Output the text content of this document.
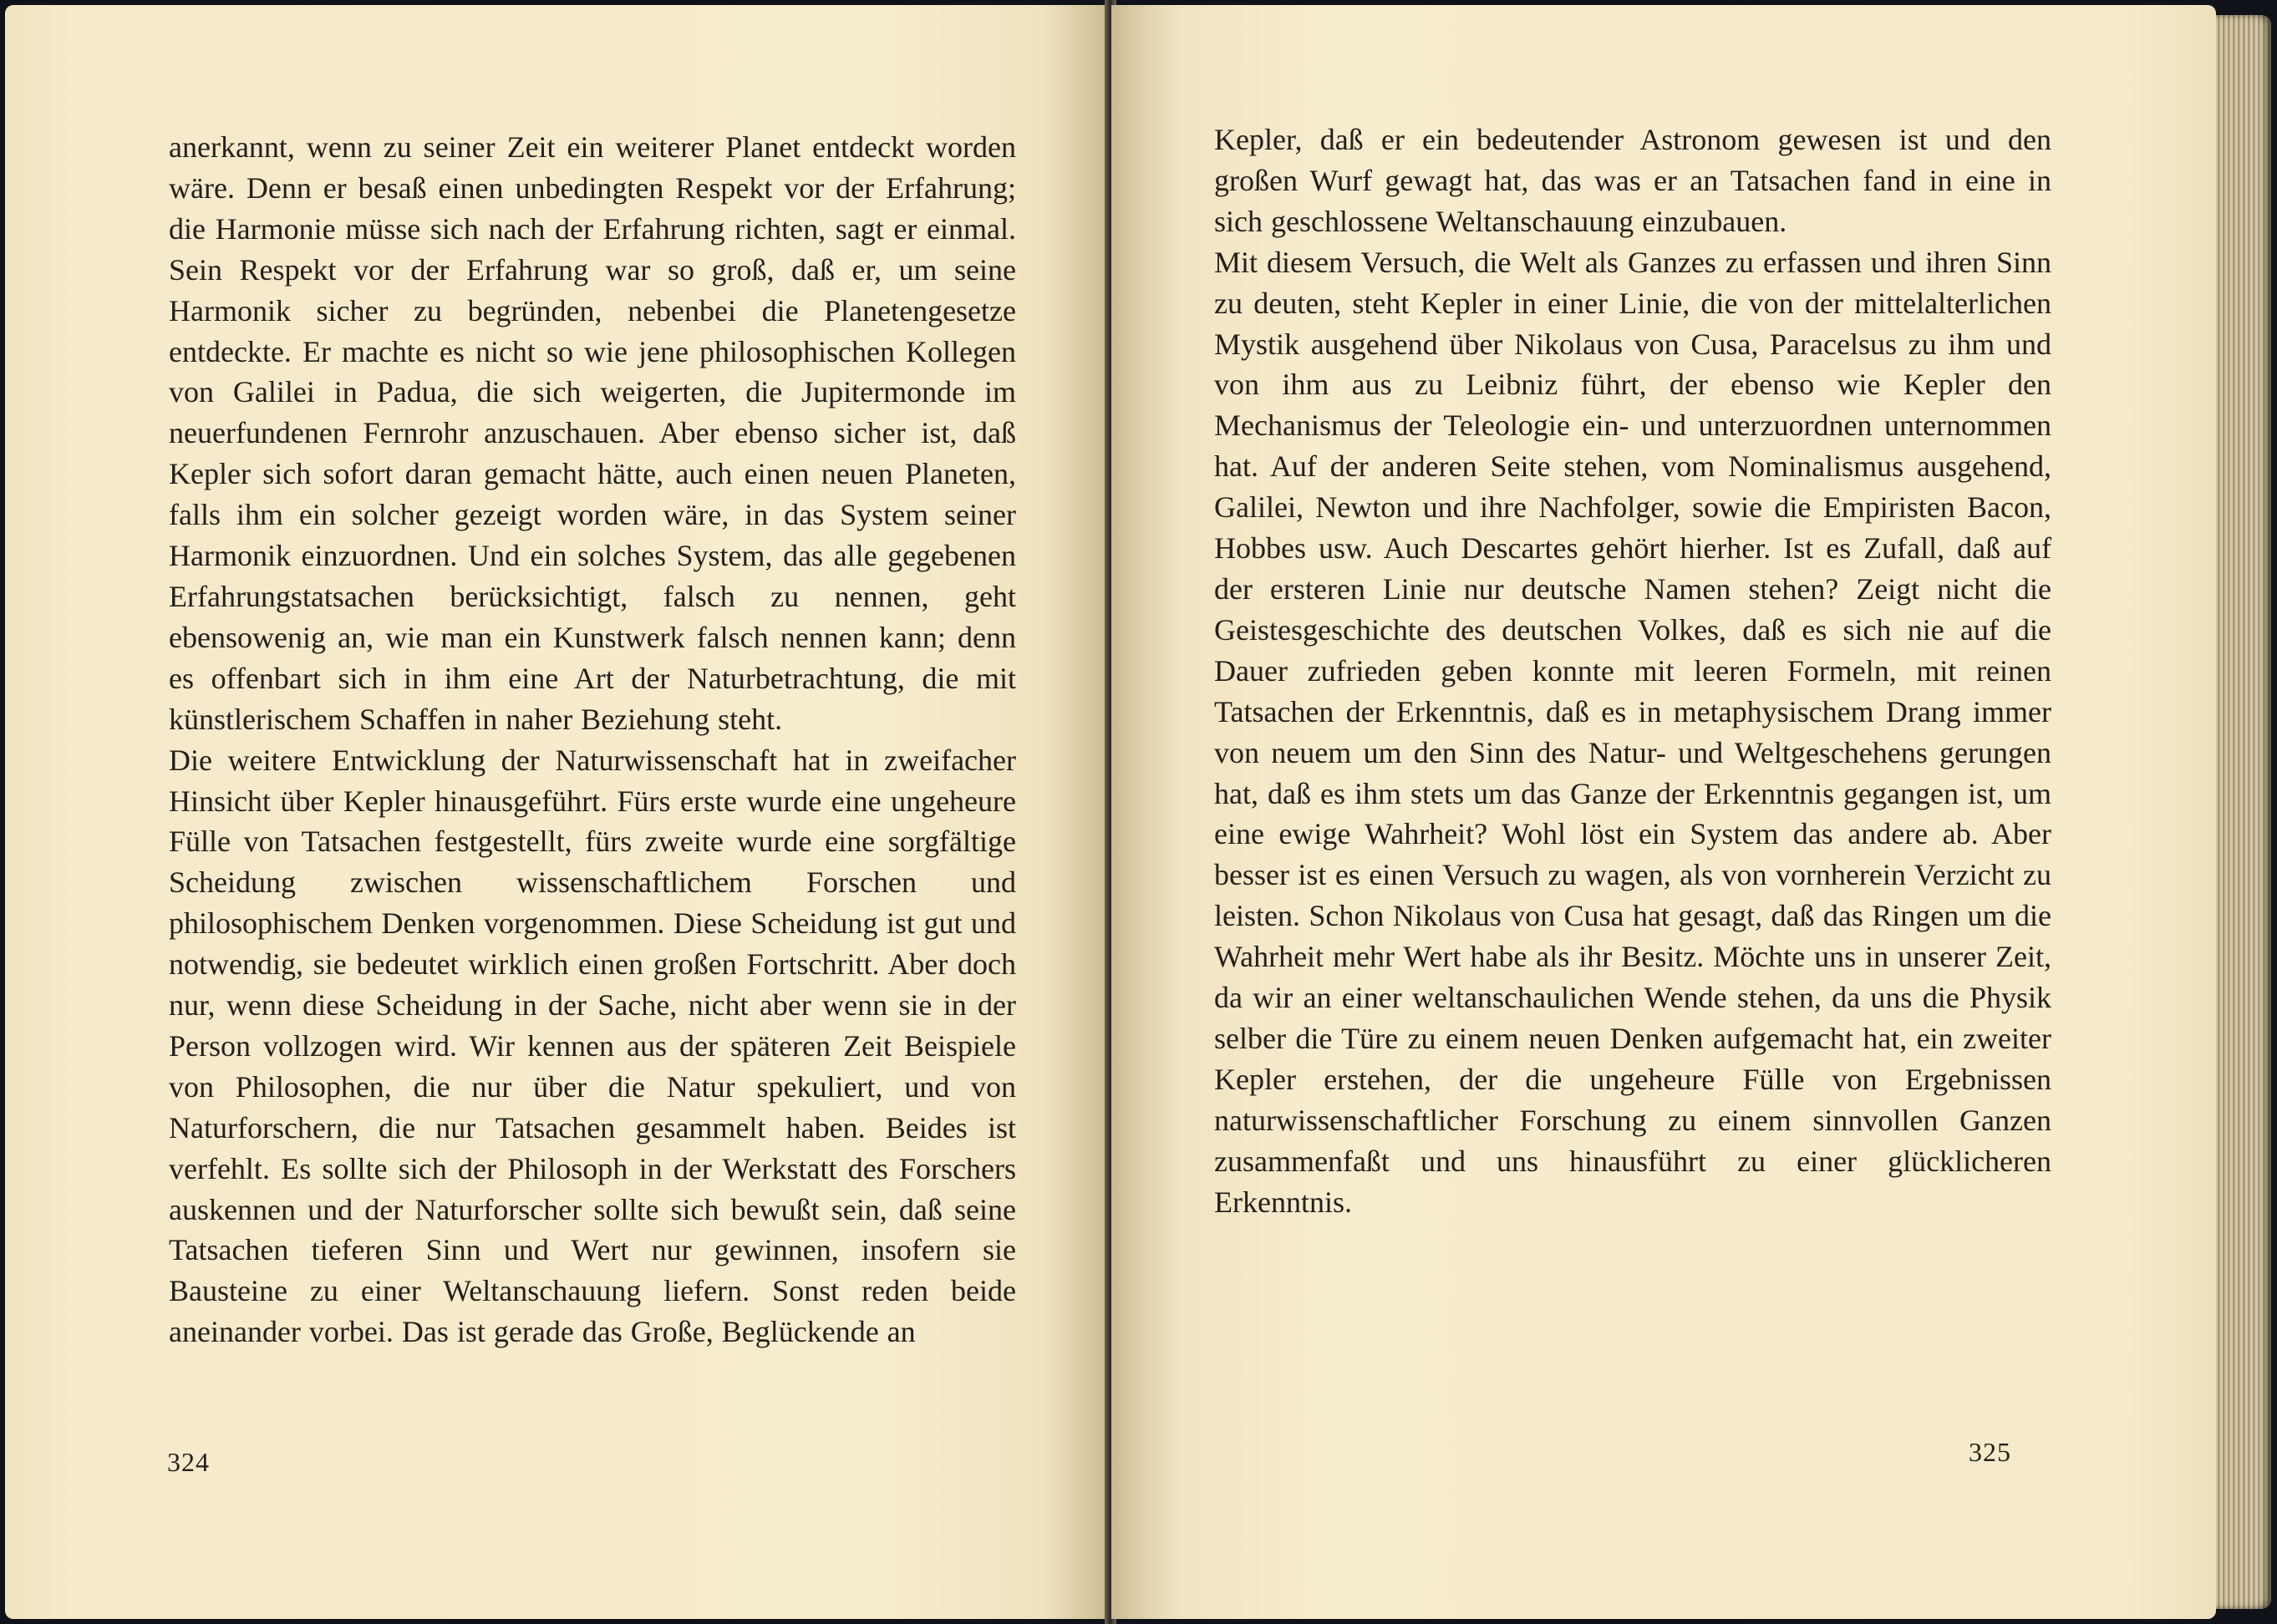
anerkannt, wenn zu seiner Zeit ein weiterer Planet entdeckt worden wäre. Denn er besaß einen unbedingten Respekt vor der Erfahrung; die Harmonie müsse sich nach der Erfahrung richten, sagt er einmal. Sein Respekt vor der Erfahrung war so groß, daß er, um seine Harmonik sicher zu begründen, nebenbei die Planetengesetze entdeckte. Er machte es nicht so wie jene philosophischen Kollegen von Galilei in Padua, die sich weigerten, die Jupitermonde im neuerfundenen Fernrohr anzuschauen. Aber ebenso sicher ist, daß Kepler sich sofort daran gemacht hätte, auch einen neuen Planeten, falls ihm ein solcher gezeigt worden wäre, in das System seiner Harmonik einzuordnen. Und ein solches System, das alle gegebenen Erfahrungstatsachen berücksichtigt, falsch zu nennen, geht ebensowenig an, wie man ein Kunstwerk falsch nennen kann; denn es offenbart sich in ihm eine Art der Naturbetrachtung, die mit künstlerischem Schaffen in naher Beziehung steht.

Die weitere Entwicklung der Naturwissenschaft hat in zweifacher Hinsicht über Kepler hinausgeführt. Fürs erste wurde eine ungeheure Fülle von Tatsachen festgestellt, fürs zweite wurde eine sorgfältige Scheidung zwischen wissenschaftlichem Forschen und philosophischem Denken vorgenommen. Diese Scheidung ist gut und notwendig, sie bedeutet wirklich einen großen Fortschritt. Aber doch nur, wenn diese Scheidung in der Sache, nicht aber wenn sie in der Person vollzogen wird. Wir kennen aus der späteren Zeit Beispiele von Philosophen, die nur über die Natur spekuliert, und von Naturforschern, die nur Tatsachen gesammelt haben. Beides ist verfehlt. Es sollte sich der Philosoph in der Werkstatt des Forschers auskennen und der Naturforscher sollte sich bewußt sein, daß seine Tatsachen tieferen Sinn und Wert nur gewinnen, insofern sie Bausteine zu einer Weltanschauung liefern. Sonst reden beide aneinander vorbei. Das ist gerade das Große, Beglückende an

324

Kepler, daß er ein bedeutender Astronom gewesen ist und den großen Wurf gewagt hat, das was er an Tatsachen fand in eine in sich geschlossene Weltanschauung einzubauen.

Mit diesem Versuch, die Welt als Ganzes zu erfassen und ihren Sinn zu deuten, steht Kepler in einer Linie, die von der mittelalterlichen Mystik ausgehend über Nikolaus von Cusa, Paracelsus zu ihm und von ihm aus zu Leibniz führt, der ebenso wie Kepler den Mechanismus der Teleologie ein- und unterzuordnen unternommen hat. Auf der anderen Seite stehen, vom Nominalismus ausgehend, Galilei, Newton und ihre Nachfolger, sowie die Empiristen Bacon, Hobbes usw. Auch Descartes gehört hierher. Ist es Zufall, daß auf der ersteren Linie nur deutsche Namen stehen? Zeigt nicht die Geistesgeschichte des deutschen Volkes, daß es sich nie auf die Dauer zufrieden geben konnte mit leeren Formeln, mit reinen Tatsachen der Erkenntnis, daß es in metaphysischem Drang immer von neuem um den Sinn des Natur- und Weltgeschehens gerungen hat, daß es ihm stets um das Ganze der Erkenntnis gegangen ist, um eine ewige Wahrheit? Wohl löst ein System das andere ab. Aber besser ist es einen Versuch zu wagen, als von vornherein Verzicht zu leisten. Schon Nikolaus von Cusa hat gesagt, daß das Ringen um die Wahrheit mehr Wert habe als ihr Besitz. Möchte uns in unserer Zeit, da wir an einer weltanschaulichen Wende stehen, da uns die Physik selber die Türe zu einem neuen Denken aufgemacht hat, ein zweiter Kepler erstehen, der die ungeheure Fülle von Ergebnissen naturwissenschaftlicher Forschung zu einem sinnvollen Ganzen zusammenfaßt und uns hinausführt zu einer glücklicheren Erkenntnis.

325
